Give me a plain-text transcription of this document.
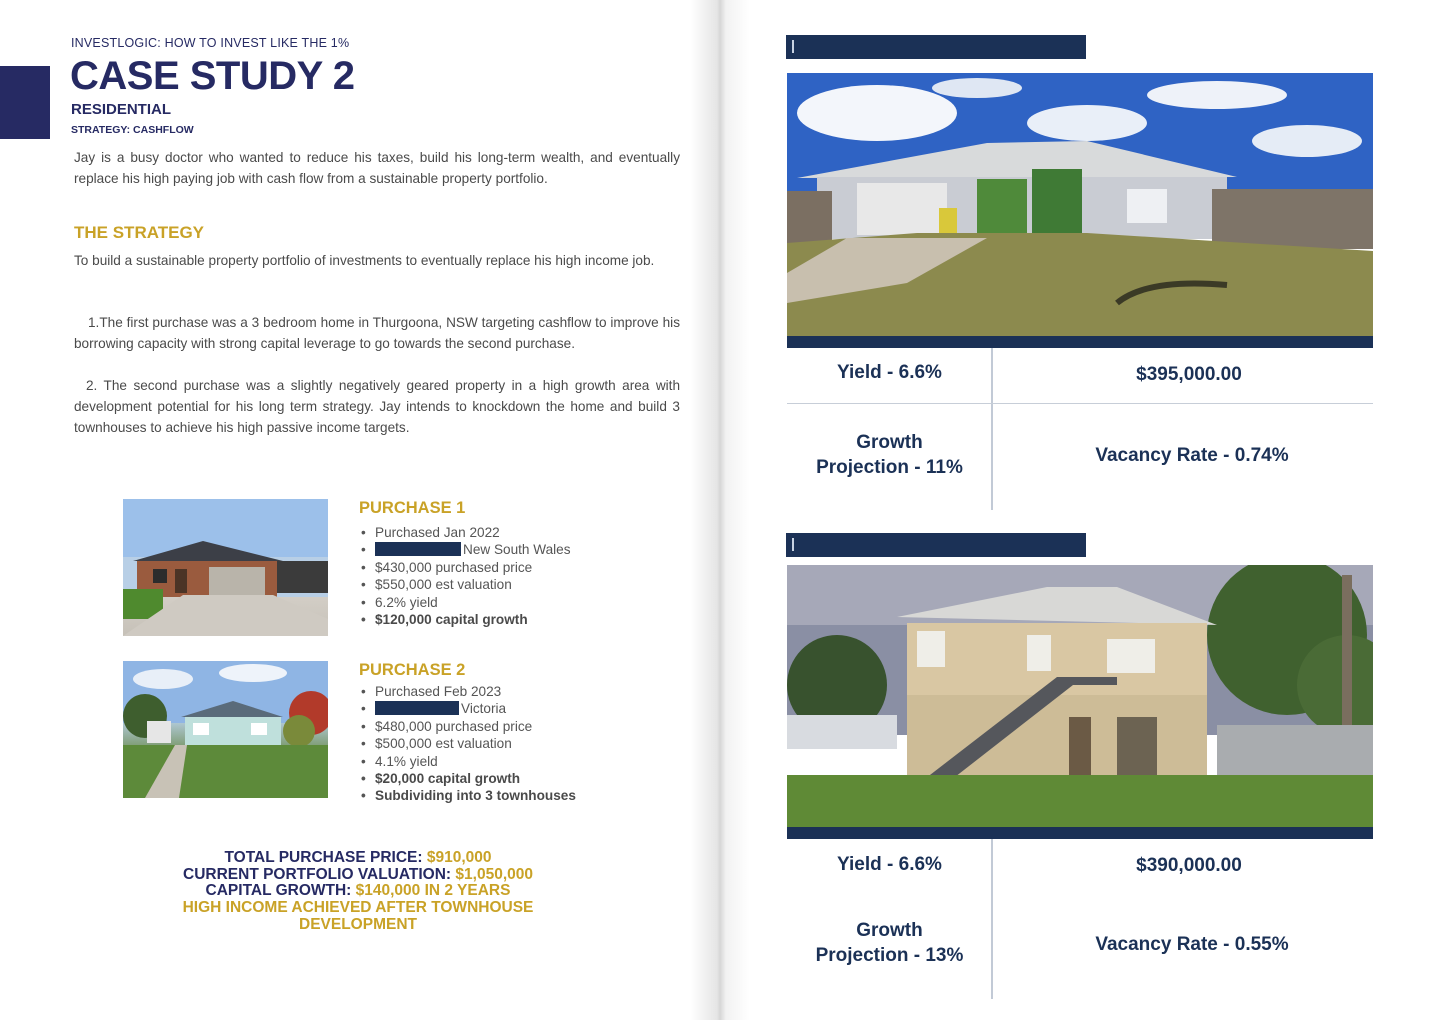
INVESTLOGIC: HOW TO INVEST LIKE THE 1%
CASE STUDY 2
RESIDENTIAL
STRATEGY: CASHFLOW

Jay is a busy doctor who wanted to reduce his taxes, build his long-term wealth, and eventually replace his high paying job with cash flow from a sustainable property portfolio.

THE STRATEGY

To build a sustainable property portfolio of investments to eventually replace his high income job.

1.The first purchase was a 3 bedroom home in Thurgoona, NSW targeting cashflow to improve his borrowing capacity with strong capital leverage to go towards the second purchase.

2. The second purchase was a slightly negatively geared property in a high growth area with development potential for his long term strategy. Jay intends to knockdown the home and build 3 townhouses to achieve his high passive income targets.

PURCHASE 1
• Purchased Jan 2022
• New South Wales
• $430,000 purchased price
• $550,000 est valuation
• 6.2% yield
• $120,000 capital growth
PURCHASE 2
• Purchased Feb 2023
• Victoria
• $480,000 purchased price
• $500,000 est valuation
• 4.1% yield
• $20,000 capital growth
• Subdividing into 3 townhouses
TOTAL PURCHASE PRICE: $910,000
CURRENT PORTFOLIO VALUATION: $1,050,000
CAPITAL GROWTH: $140,000 IN 2 YEARS
HIGH INCOME ACHIEVED AFTER TOWNHOUSE DEVELOPMENT
Yield - 6.6%	$395,000.00
Growth
Projection - 11%
Vacancy Rate - 0.74%
Yield - 6.6%	$390,000.00
Growth
Projection - 13%
Vacancy Rate - 0.55%
